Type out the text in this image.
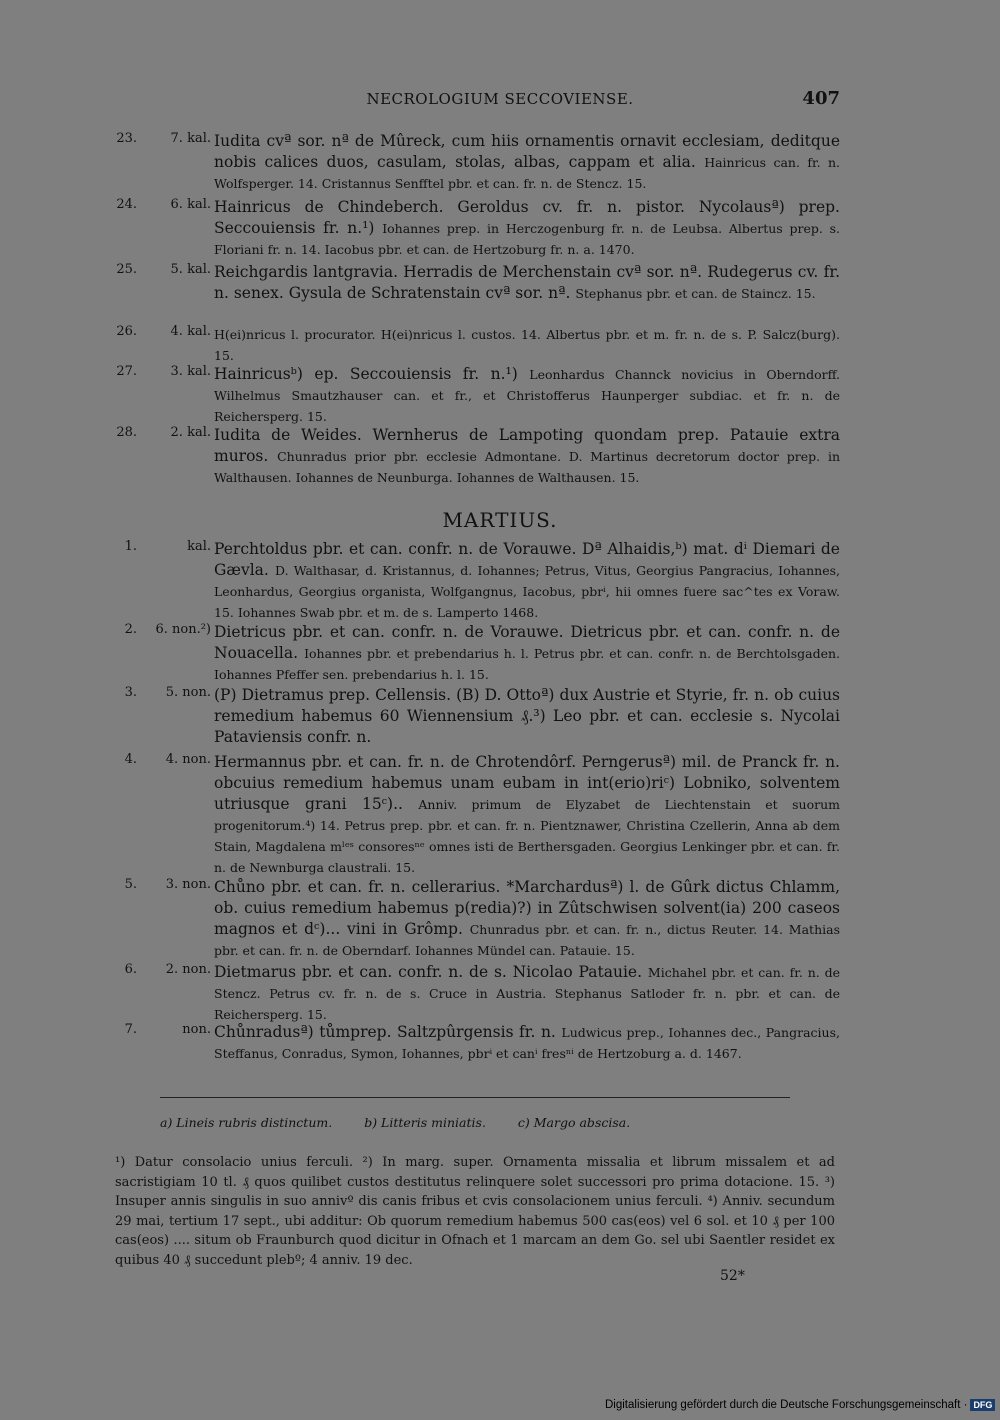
NECROLOGIUM SECCOVIENSE.	407
23.	7. kal. Iudita cvª sor. nª de Mûreck, cum hiis ornamentis ornavit ecclesiam, deditque nobis calices duos, casulam, stolas, albas, cappam et alia. Hainricus can. fr. n. Wolfsperger. 14. Cristannus Senfftel pbr. et can. fr. n. de Stencz. 15.
24.	6. kal. Hainricus de Chindeberch. Geroldus cv. fr. n. pistor. Nycolausª) prep. Seccouiensis fr. n.¹) Iohannes prep. in Herczogenburg fr. n. de Leubsa. Albertus prep. s. Floriani fr. n. 14. Iacobus pbr. et can. de Hertzoburg fr. n. a. 1470.
25.	5. kal. Reichgardis lantgravia. Herradis de Merchenstain cvª sor. nª. Rudegerus cv. fr. n. senex. Gysula de Schratenstain cvª sor. nª. Stephanus pbr. et can. de Staincz. 15.
26.	4. kal. H(ei)nricus l. procurator. H(ei)nricus l. custos. 14. Albertus pbr. et m. fr. n. de s. P. Salcz(burg). 15.
27.	3. kal. Hainricusᵇ) ep. Seccouiensis fr. n.¹) Leonhardus Channck novicius in Oberndorff. Wilhelmus Smautzhauser can. et fr., et Christofferus Haunperger subdiac. et fr. n. de Reichersperg. 15.
28.	2. kal. Iudita de Weides. Wernherus de Lampoting quondam prep. Patauie extra muros. Chunradus prior pbr. ecclesie Admontane. D. Martinus decretorum doctor prep. in Walthausen. Iohannes de Neunburga. Iohannes de Walthausen. 15.
MARTIUS.
1.	kal. Perchtoldus pbr. et can. confr. n. de Vorauwe. Dª Alhaidis,ᵇ) mat. dⁱ Diemari de Gævla. D. Walthasar, d. Kristannus, d. Iohannes; Petrus, Vitus, Georgius Pangracius, Iohannes, Leonhardus, Georgius organista, Wolfgangnus, Iacobus, pbrⁱ, hii omnes fuere sac^tes ex Voraw. 15. Iohannes Swab pbr. et m. de s. Lamperto 1468.
2.	6. non.²) Dietricus pbr. et can. confr. n. de Vorauwe. Dietricus pbr. et can. confr. n. de Nouacella. Iohannes pbr. et prebendarius h. l. Petrus pbr. et can. confr. n. de Berchtolsgaden. Iohannes Pfeffer sen. prebendarius h. l. 15.
3.	5. non. (P) Dietramus prep. Cellensis. (B) D. Ottoª) dux Austrie et Styrie, fr. n. ob cuius remedium habemus 60 Wiennensium ₰.³) Leo pbr. et can. ecclesie s. Nycolai Pataviensis confr. n.
4.	4. non. Hermannus pbr. et can. fr. n. de Chrotendôrf. Perngerusª) mil. de Pranck fr. n. obcuius remedium habemus unam eubam in int(erio)riᶜ) Lobniko, solventem utriusque grani 15ᶜ).. Anniv. primum de Elyzabet de Liechtenstain et suorum progenitorum.⁴) 14. Petrus prep. pbr. et can. fr. n. Pientznawer, Christina Czellerin, Anna ab dem Stain, Magdalena mˡᵉˢ consoresⁿᵉ omnes isti de Berthersgaden. Georgius Lenkinger pbr. et can. fr. n. de Newnburga claustrali. 15.
5.	3. non. Chůno pbr. et can. fr. n. cellerarius. *Marchardusª) l. de Gûrk dictus Chlamm, ob. cuius remedium habemus p(redia)?) in Zûtschwisen solvent(ia) 200 caseos magnos et dᶜ)... vini in Grômp. Chunradus pbr. et can. fr. n., dictus Reuter. 14. Mathias pbr. et can. fr. n. de Oberndarf. Iohannes Mündel can. Patauie. 15.
6.	2. non. Dietmarus pbr. et can. confr. n. de s. Nicolao Patauie. Michahel pbr. et can. fr. n. de Stencz. Petrus cv. fr. n. de s. Cruce in Austria. Stephanus Satloder fr. n. pbr. et can. de Reichersperg. 15.
7.	non. Chůnradusª) tůmprep. Saltzpûrgensis fr. n. Ludwicus prep., Iohannes dec., Pangracius, Steffanus, Conradus, Symon, Iohannes, pbrⁱ et canⁱ fresⁿⁱ de Hertzoburg a. d. 1467.
a) Lineis rubris distinctum.	b) Litteris miniatis.	c) Margo abscisa.
¹) Datur consolacio unius ferculi. ²) In marg. super. Ornamenta missalia et librum missalem et ad sacristigiam 10 tl. ₰ quos quilibet custos destitutus relinquere solet successori pro prima dotacione. 15. ³) Insuper annis singulis in suo annivº dis canis fribus et cvis consolacionem unius ferculi. ⁴) Anniv. secundum 29 mai, tertium 17 sept., ubi additur: Ob quorum remedium habemus 500 cas(eos) vel 6 sol. et 10 ₰ per 100 cas(eos) .... situm ob Fraunburch quod dicitur in Ofnach et 1 marcam an dem Go. sel ubi Saentler residet ex quibus 40 ₰ succedunt plebº; 4 anniv. 19 dec.
52*
Digitalisierung gefördert durch die Deutsche Forschungsgemeinschaft · DFG
